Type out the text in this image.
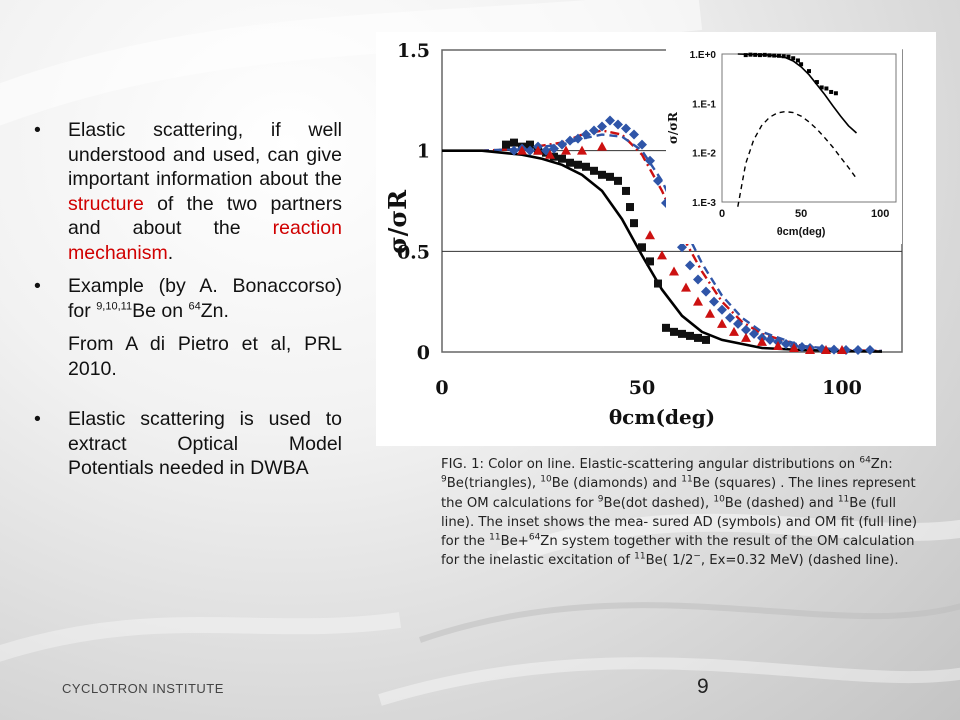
• Elastic scattering, if well understood and used, can give important information about the structure of the two partners and about the reaction mechanism.
• Example (by A. Bonaccorso) for $^{9,10,11}$Be on $^{64}$Zn.
From A di Pietro et al, PRL 2010.
• Elastic scattering is used to extract Optical Model Potentials needed in DWBA
0
0.5
1
1.5
0	50	100
θcm(deg)
σ/σR
1.E+0
1.E-1
1.E-2
1.E-3
0	50	100
θcm(deg)
σ/σR
FIG. 1: Color on line. Elastic-scattering angular distributions on $^{64}$Zn: $^9$Be(triangles), $^{10}$Be (diamonds) and $^{11}$Be (squares) . The lines represent the OM calculations for $^9$Be(dot dashed), $^{10}$Be (dashed) and $^{11}$Be (full line). The inset shows the mea- sured AD (symbols) and OM fit (full line) for the $^{11}$Be+$^{64}$Zn system together with the result of the OM calculation for the inelastic excitation of $^{11}$Be( 1/2−, Ex=0.32 MeV) (dashed line).
CYCLOTRON INSTITUTE	9
